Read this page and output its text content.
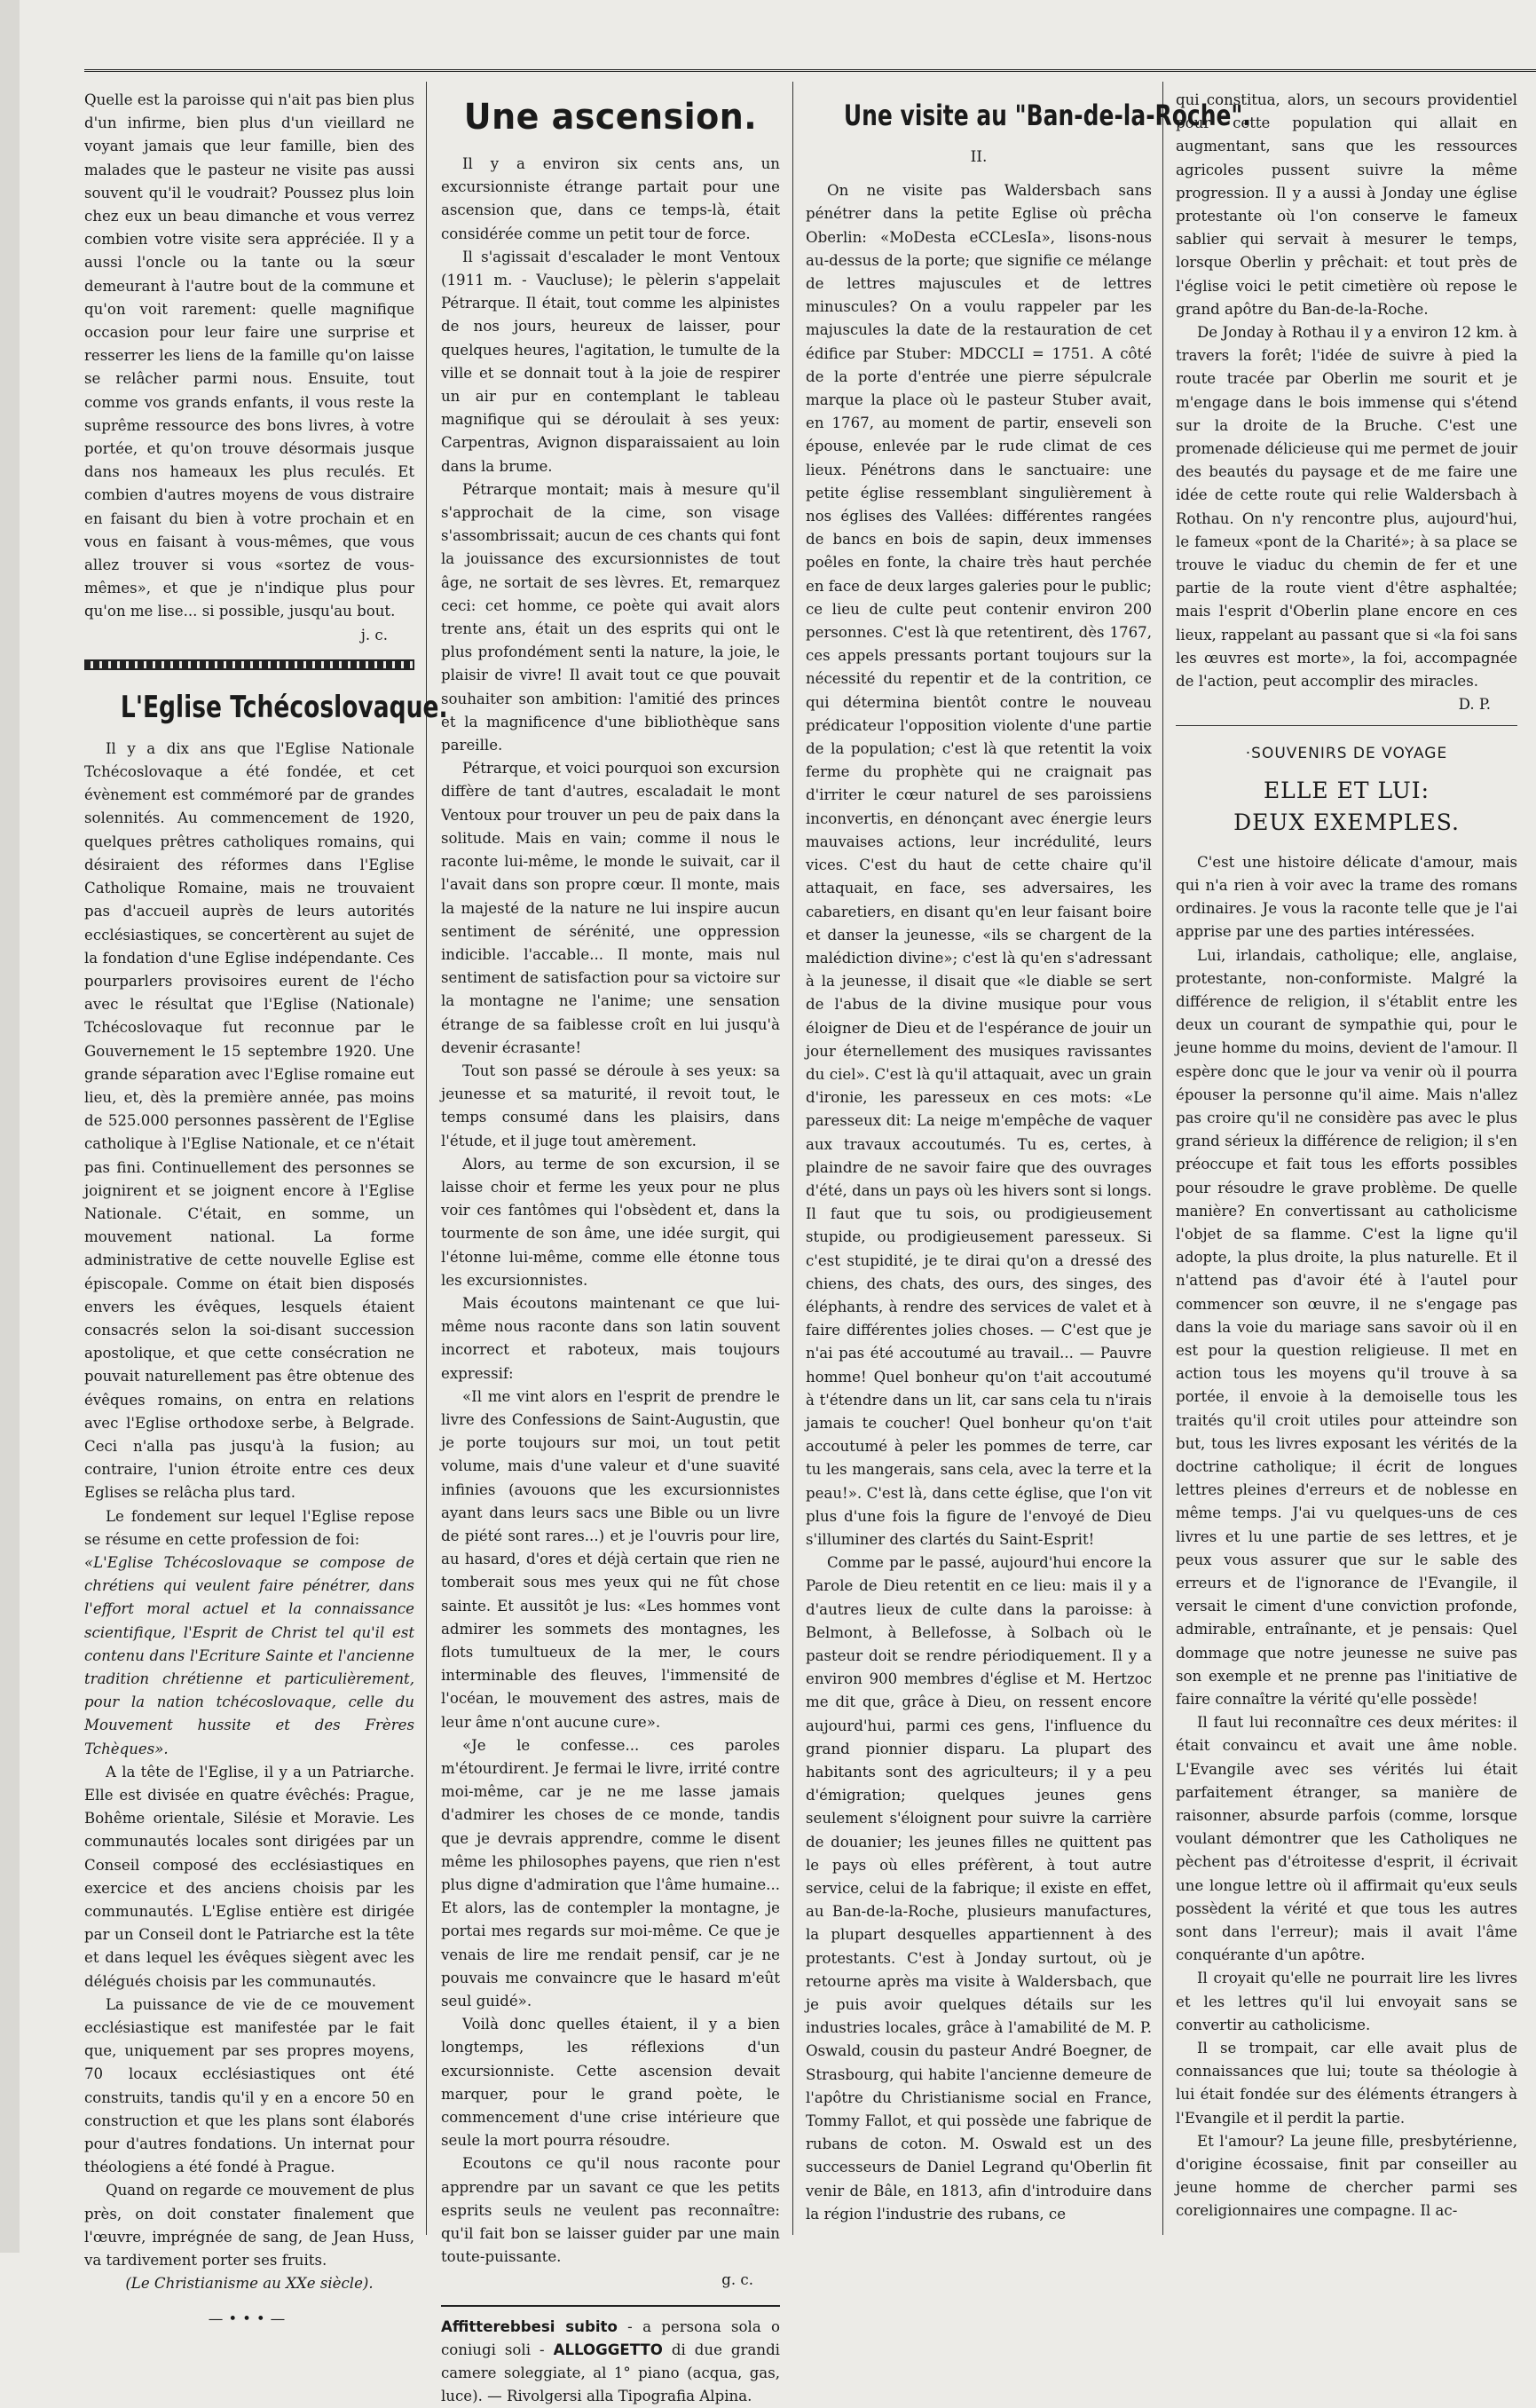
Quelle est la paroisse qui n'ait pas bien plus d'un infirme, bien plus d'un vieillard ne voyant jamais que leur famille, bien des malades que le pasteur ne visite pas aussi souvent qu'il le voudrait? Poussez plus loin chez eux un beau dimanche et vous verrez combien votre visite sera appréciée. Il y a aussi l'oncle ou la tante ou la sœur demeurant à l'autre bout de la commune et qu'on voit rarement: quelle magnifique occasion pour leur faire une surprise et resserrer les liens de la famille qu'on laisse se relâcher parmi nous. Ensuite, tout comme vos grands enfants, il vous reste la suprême ressource des bons livres, à votre portée, et qu'on trouve désormais jusque dans nos hameaux les plus reculés. Et combien d'autres moyens de vous distraire en faisant du bien à votre prochain et en vous en faisant à vous-mêmes, que vous allez trouver si vous «sortez de vous-mêmes», et que je n'indique plus pour qu'on me lise... si possible, jusqu'au bout.

j. c.

L'Eglise Tchécoslovaque.

Il y a dix ans que l'Eglise Nationale Tchécoslovaque a été fondée, et cet évènement est commémoré par de grandes solennités. Au commencement de 1920, quelques prêtres catholiques romains, qui désiraient des réformes dans l'Eglise Catholique Romaine, mais ne trouvaient pas d'accueil auprès de leurs autorités ecclésiastiques, se concertèrent au sujet de la fondation d'une Eglise indépendante. Ces pourparlers provisoires eurent de l'écho avec le résultat que l'Eglise (Nationale) Tchécoslovaque fut reconnue par le Gouvernement le 15 septembre 1920. Une grande séparation avec l'Eglise romaine eut lieu, et, dès la première année, pas moins de 525.000 personnes passèrent de l'Eglise catholique à l'Eglise Nationale, et ce n'était pas fini. Continuellement des personnes se joignirent et se joignent encore à l'Eglise Nationale. C'était, en somme, un mouvement national. La forme administrative de cette nouvelle Eglise est épiscopale. Comme on était bien disposés envers les évêques, lesquels étaient consacrés selon la soi-disant succession apostolique, et que cette consécration ne pouvait naturellement pas être obtenue des évêques romains, on entra en relations avec l'Eglise orthodoxe serbe, à Belgrade. Ceci n'alla pas jusqu'à la fusion; au contraire, l'union étroite entre ces deux Eglises se relâcha plus tard.

Le fondement sur lequel l'Eglise repose se résume en cette profession de foi:

«L'Eglise Tchécoslovaque se compose de chrétiens qui veulent faire pénétrer, dans l'effort moral actuel et la connaissance scientifique, l'Esprit de Christ tel qu'il est contenu dans l'Ecriture Sainte et l'ancienne tradition chrétienne et particulièrement, pour la nation tchécoslovaque, celle du Mouvement hussite et des Frères Tchèques».

A la tête de l'Eglise, il y a un Patriarche. Elle est divisée en quatre évêchés: Prague, Bohême orientale, Silésie et Moravie. Les communautés locales sont dirigées par un Conseil composé des ecclésiastiques en exercice et des anciens choisis par les communautés. L'Eglise entière est dirigée par un Conseil dont le Patriarche est la tête et dans lequel les évêques siègent avec les délégués choisis par les communautés.

La puissance de vie de ce mouvement ecclésiastique est manifestée par le fait que, uniquement par ses propres moyens, 70 locaux ecclésiastiques ont été construits, tandis qu'il y en a encore 50 en construction et que les plans sont élaborés pour d'autres fondations. Un internat pour théologiens a été fondé à Prague.

Quand on regarde ce mouvement de plus près, on doit constater finalement que l'œuvre, imprégnée de sang, de Jean Huss, va tardivement porter ses fruits.

(Le Christianisme au XXe siècle).

—•••—
Une ascension.

Il y a environ six cents ans, un excursionniste étrange partait pour une ascension que, dans ce temps-là, était considérée comme un petit tour de force.

Il s'agissait d'escalader le mont Ventoux (1911 m. - Vaucluse); le pèlerin s'appelait Pétrarque. Il était, tout comme les alpinistes de nos jours, heureux de laisser, pour quelques heures, l'agitation, le tumulte de la ville et se donnait tout à la joie de respirer un air pur en contemplant le tableau magnifique qui se déroulait à ses yeux: Carpentras, Avignon disparaissaient au loin dans la brume.

Pétrarque montait; mais à mesure qu'il s'approchait de la cime, son visage s'assombrissait; aucun de ces chants qui font la jouissance des excursionnistes de tout âge, ne sortait de ses lèvres. Et, remarquez ceci: cet homme, ce poète qui avait alors trente ans, était un des esprits qui ont le plus profondément senti la nature, la joie, le plaisir de vivre! Il avait tout ce que pouvait souhaiter son ambition: l'amitié des princes et la magnificence d'une bibliothèque sans pareille.

Pétrarque, et voici pourquoi son excursion diffère de tant d'autres, escaladait le mont Ventoux pour trouver un peu de paix dans la solitude. Mais en vain; comme il nous le raconte lui-même, le monde le suivait, car il l'avait dans son propre cœur. Il monte, mais la majesté de la nature ne lui inspire aucun sentiment de sérénité, une oppression indicible. l'accable... Il monte, mais nul sentiment de satisfaction pour sa victoire sur la montagne ne l'anime; une sensation étrange de sa faiblesse croît en lui jusqu'à devenir écrasante!

Tout son passé se déroule à ses yeux: sa jeunesse et sa maturité, il revoit tout, le temps consumé dans les plaisirs, dans l'étude, et il juge tout amèrement.

Alors, au terme de son excursion, il se laisse choir et ferme les yeux pour ne plus voir ces fantômes qui l'obsèdent et, dans la tourmente de son âme, une idée surgit, qui l'étonne lui-même, comme elle étonne tous les excursionnistes.

Mais écoutons maintenant ce que lui-même nous raconte dans son latin souvent incorrect et raboteux, mais toujours expressif:

«Il me vint alors en l'esprit de prendre le livre des Confessions de Saint-Augustin, que je porte toujours sur moi, un tout petit volume, mais d'une valeur et d'une suavité infinies (avouons que les excursionnistes ayant dans leurs sacs une Bible ou un livre de piété sont rares...) et je l'ouvris pour lire, au hasard, d'ores et déjà certain que rien ne tomberait sous mes yeux qui ne fût chose sainte. Et aussitôt je lus: «Les hommes vont admirer les sommets des montagnes, les flots tumultueux de la mer, le cours interminable des fleuves, l'immensité de l'océan, le mouvement des astres, mais de leur âme n'ont aucune cure».

«Je le confesse... ces paroles m'étourdirent. Je fermai le livre, irrité contre moi-même, car je ne me lasse jamais d'admirer les choses de ce monde, tandis que je devrais apprendre, comme le disent même les philosophes payens, que rien n'est plus digne d'admiration que l'âme humaine... Et alors, las de contempler la montagne, je portai mes regards sur moi-même. Ce que je venais de lire me rendait pensif, car je ne pouvais me convaincre que le hasard m'eût seul guidé».

Voilà donc quelles étaient, il y a bien longtemps, les réflexions d'un excursionniste. Cette ascension devait marquer, pour le grand poète, le commencement d'une crise intérieure que seule la mort pourra résoudre.

Ecoutons ce qu'il nous raconte pour apprendre par un savant ce que les petits esprits seuls ne veulent pas reconnaître: qu'il fait bon se laisser guider par une main toute-puissante.

g. c.

Affitterebbesi subito - a persona sola o coniugi soli - ALLOGGETTO di due grandi camere soleggiate, al 1° piano (acqua, gas, luce). — Rivolgersi alla Tipografia Alpina.
Une visite au "Ban-de-la-Roche".
II.

On ne visite pas Waldersbach sans pénétrer dans la petite Eglise où prêcha Oberlin: «MoDesta eCCLesIa», lisons-nous au-dessus de la porte; que signifie ce mélange de lettres majuscules et de lettres minuscules? On a voulu rappeler par les majuscules la date de la restauration de cet édifice par Stuber: MDCCLI = 1751. A côté de la porte d'entrée une pierre sépulcrale marque la place où le pasteur Stuber avait, en 1767, au moment de partir, enseveli son épouse, enlevée par le rude climat de ces lieux. Pénétrons dans le sanctuaire: une petite église ressemblant singulièrement à nos églises des Vallées: différentes rangées de bancs en bois de sapin, deux immenses poêles en fonte, la chaire très haut perchée en face de deux larges galeries pour le public; ce lieu de culte peut contenir environ 200 personnes. C'est là que retentirent, dès 1767, ces appels pressants portant toujours sur la nécessité du repentir et de la contrition, ce qui détermina bientôt contre le nouveau prédicateur l'opposition violente d'une partie de la population; c'est là que retentit la voix ferme du prophète qui ne craignait pas d'irriter le cœur naturel de ses paroissiens inconvertis, en dénonçant avec énergie leurs mauvaises actions, leur incrédulité, leurs vices. C'est du haut de cette chaire qu'il attaquait, en face, ses adversaires, les cabaretiers, en disant qu'en leur faisant boire et danser la jeunesse, «ils se chargent de la malédiction divine»; c'est là qu'en s'adressant à la jeunesse, il disait que «le diable se sert de l'abus de la divine musique pour vous éloigner de Dieu et de l'espérance de jouir un jour éternellement des musiques ravissantes du ciel». C'est là qu'il attaquait, avec un grain d'ironie, les paresseux en ces mots: «Le paresseux dit: La neige m'empêche de vaquer aux travaux accoutumés. Tu es, certes, à plaindre de ne savoir faire que des ouvrages d'été, dans un pays où les hivers sont si longs. Il faut que tu sois, ou prodigieusement stupide, ou prodigieusement paresseux. Si c'est stupidité, je te dirai qu'on a dressé des chiens, des chats, des ours, des singes, des éléphants, à rendre des services de valet et à faire différentes jolies choses. — C'est que je n'ai pas été accoutumé au travail... — Pauvre homme! Quel bonheur qu'on t'ait accoutumé à t'étendre dans un lit, car sans cela tu n'irais jamais te coucher! Quel bonheur qu'on t'ait accoutumé à peler les pommes de terre, car tu les mangerais, sans cela, avec la terre et la peau!». C'est là, dans cette église, que l'on vit plus d'une fois la figure de l'envoyé de Dieu s'illuminer des clartés du Saint-Esprit!

Comme par le passé, aujourd'hui encore la Parole de Dieu retentit en ce lieu: mais il y a d'autres lieux de culte dans la paroisse: à Belmont, à Bellefosse, à Solbach où le pasteur doit se rendre périodiquement. Il y a environ 900 membres d'église et M. Hertzoc me dit que, grâce à Dieu, on ressent encore aujourd'hui, parmi ces gens, l'influence du grand pionnier disparu. La plupart des habitants sont des agriculteurs; il y a peu d'émigration; quelques jeunes gens seulement s'éloignent pour suivre la carrière de douanier; les jeunes filles ne quittent pas le pays où elles préfèrent, à tout autre service, celui de la fabrique; il existe en effet, au Ban-de-la-Roche, plusieurs manufactures, la plupart desquelles appartiennent à des protestants. C'est à Jonday surtout, où je retourne après ma visite à Waldersbach, que je puis avoir quelques détails sur les industries locales, grâce à l'amabilité de M. P. Oswald, cousin du pasteur André Boegner, de Strasbourg, qui habite l'ancienne demeure de l'apôtre du Christianisme social en France, Tommy Fallot, et qui possède une fabrique de rubans de coton. M. Oswald est un des successeurs de Daniel Legrand qu'Oberlin fit venir de Bâle, en 1813, afin d'introduire dans la région l'industrie des rubans, ce

qui constitua, alors, un secours providentiel pour cette population qui allait en augmentant, sans que les ressources agricoles pussent suivre la même progression. Il y a aussi à Jonday une église protestante où l'on conserve le fameux sablier qui servait à mesurer le temps, lorsque Oberlin y prêchait: et tout près de l'église voici le petit cimetière où repose le grand apôtre du Ban-de-la-Roche.

De Jonday à Rothau il y a environ 12 km. à travers la forêt; l'idée de suivre à pied la route tracée par Oberlin me sourit et je m'engage dans le bois immense qui s'étend sur la droite de la Bruche. C'est une promenade délicieuse qui me permet de jouir des beautés du paysage et de me faire une idée de cette route qui relie Waldersbach à Rothau. On n'y rencontre plus, aujourd'hui, le fameux «pont de la Charité»; à sa place se trouve le viaduc du chemin de fer et une partie de la route vient d'être asphaltée; mais l'esprit d'Oberlin plane encore en ces lieux, rappelant au passant que si «la foi sans les œuvres est morte», la foi, accompagnée de l'action, peut accomplir des miracles.

D. P.

·SOUVENIRS DE VOYAGE
ELLE ET LUI:
DEUX EXEMPLES.

C'est une histoire délicate d'amour, mais qui n'a rien à voir avec la trame des romans ordinaires. Je vous la raconte telle que je l'ai apprise par une des parties intéressées.

Lui, irlandais, catholique; elle, anglaise, protestante, non-conformiste. Malgré la différence de religion, il s'établit entre les deux un courant de sympathie qui, pour le jeune homme du moins, devient de l'amour. Il espère donc que le jour va venir où il pourra épouser la personne qu'il aime. Mais n'allez pas croire qu'il ne considère pas avec le plus grand sérieux la différence de religion; il s'en préoccupe et fait tous les efforts possibles pour résoudre le grave problème. De quelle manière? En convertissant au catholicisme l'objet de sa flamme. C'est la ligne qu'il adopte, la plus droite, la plus naturelle. Et il n'attend pas d'avoir été à l'autel pour commencer son œuvre, il ne s'engage pas dans la voie du mariage sans savoir où il en est pour la question religieuse. Il met en action tous les moyens qu'il trouve à sa portée, il envoie à la demoiselle tous les traités qu'il croit utiles pour atteindre son but, tous les livres exposant les vérités de la doctrine catholique; il écrit de longues lettres pleines d'erreurs et de noblesse en même temps. J'ai vu quelques-uns de ces livres et lu une partie de ses lettres, et je peux vous assurer que sur le sable des erreurs et de l'ignorance de l'Evangile, il versait le ciment d'une conviction profonde, admirable, entraînante, et je pensais: Quel dommage que notre jeunesse ne suive pas son exemple et ne prenne pas l'initiative de faire connaître la vérité qu'elle possède!

Il faut lui reconnaître ces deux mérites: il était convaincu et avait une âme noble. L'Evangile avec ses vérités lui était parfaitement étranger, sa manière de raisonner, absurde parfois (comme, lorsque voulant démontrer que les Catholiques ne pèchent pas d'étroitesse d'esprit, il écrivait une longue lettre où il affirmait qu'eux seuls possèdent la vérité et que tous les autres sont dans l'erreur); mais il avait l'âme conquérante d'un apôtre.

Il croyait qu'elle ne pourrait lire les livres et les lettres qu'il lui envoyait sans se convertir au catholicisme.

Il se trompait, car elle avait plus de connaissances que lui; toute sa théologie à lui était fondée sur des éléments étrangers à l'Evangile et il perdit la partie.

Et l'amour? La jeune fille, presbytérienne, d'origine écossaise, finit par conseiller au jeune homme de chercher parmi ses coreligionnaires une compagne. Il ac-
